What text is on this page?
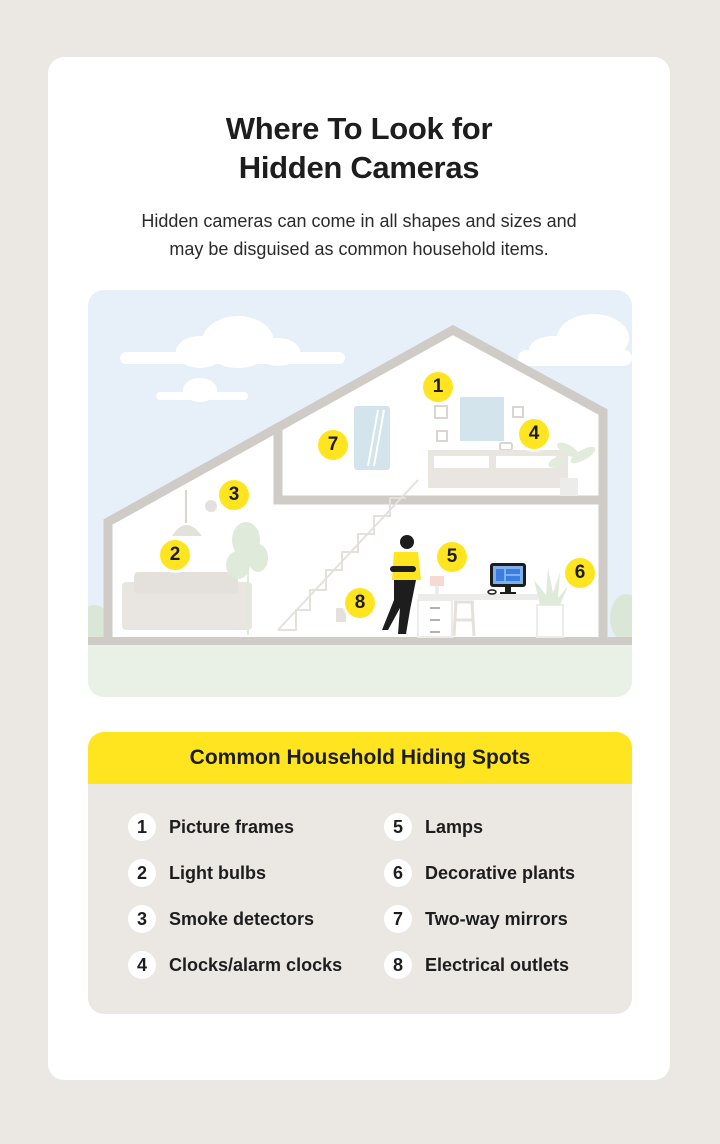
Where To Look for
Hidden Cameras
Hidden cameras can come in all shapes and sizes and
may be disguised as common household items.
1
2
3
4
5
6
7
8
Common Household Hiding Spots
1	Picture frames	5	Lamps
2	Light bulbs	6	Decorative plants
3	Smoke detectors	7	Two-way mirrors
4	Clocks/alarm clocks	8	Electrical outlets
